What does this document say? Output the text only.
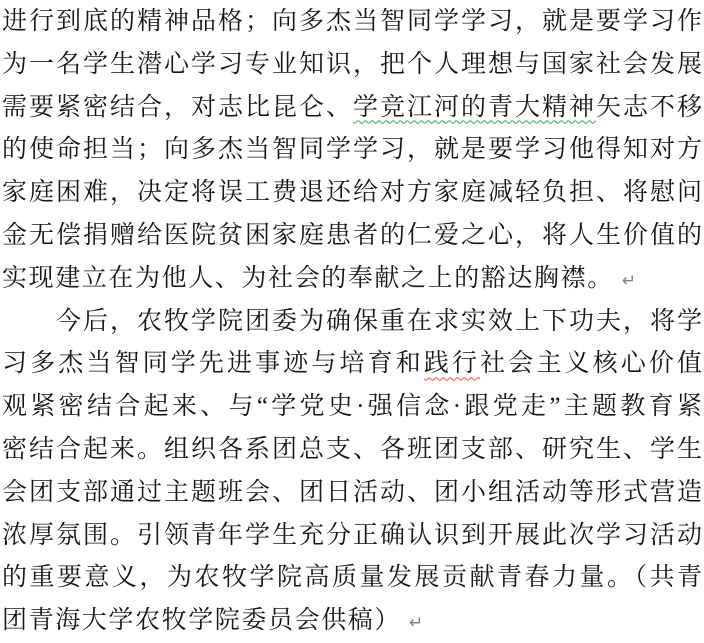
进行到底的精神品格；向多杰当智同学学习，就是要学习作
为一名学生潜心学习专业知识，把个人理想与国家社会发展
需要紧密结合，对志比昆仑、学竞江河的青大精神矢志不移
的使命担当；向多杰当智同学学习，就是要学习他得知对方
家庭困难，决定将误工费退还给对方家庭减轻负担、将慰问
金无偿捐赠给医院贫困家庭患者的仁爱之心，将人生价值的
实现建立在为他人、为社会的奉献之上的豁达胸襟。 ↵
今后，农牧学院团委为确保重在求实效上下功夫，将学
习多杰当智同学先进事迹与培育和践行社会主义核心价值
观紧密结合起来、与“学党史·强信念·跟党走”主题教育紧
密结合起来。组织各系团总支、各班团支部、研究生、学生
会团支部通过主题班会、团日活动、团小组活动等形式营造
浓厚氛围。引领青年学生充分正确认识到开展此次学习活动
的重要意义，为农牧学院高质量发展贡献青春力量。（共青
团青海大学农牧学院委员会供稿） ↵
